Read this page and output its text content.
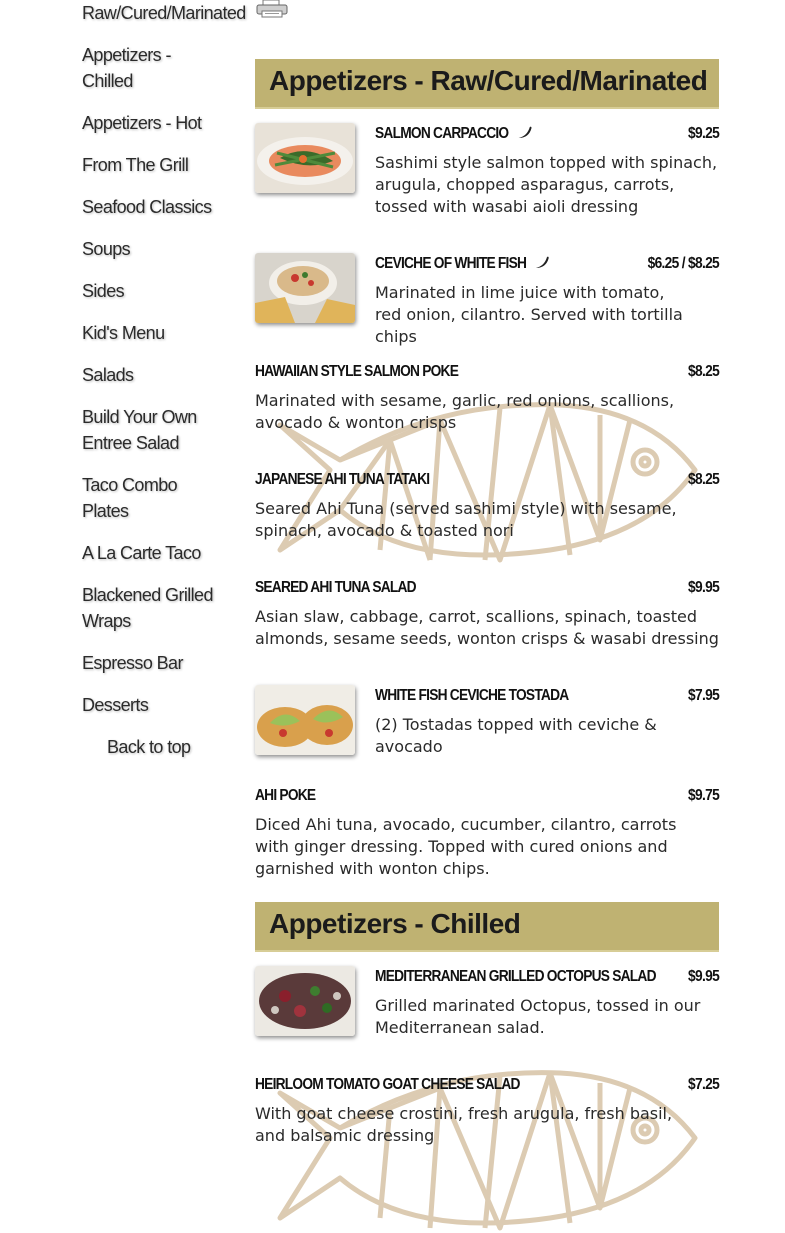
Raw/Cured/Marinated
Appetizers -
Chilled
Appetizers - Hot
From The Grill
Seafood Classics
Soups
Sides
Kid's Menu
Salads
Build Your Own
Entree Salad
Taco Combo
Plates
A La Carte Taco
Blackened Grilled
Wraps
Espresso Bar
Desserts
Back to top
Appetizers - Raw/Cured/Marinated
SALMON CARPACCIO	$9.25
Sashimi style salmon topped with spinach, arugula, chopped asparagus, carrots, tossed with wasabi aioli dressing
CEVICHE OF WHITE FISH	$6.25 / $8.25
Marinated in lime juice with tomato, red onion, cilantro. Served with tortilla chips
HAWAIIAN STYLE SALMON POKE	$8.25
Marinated with sesame, garlic, red onions, scallions, avocado & wonton crisps
JAPANESE AHI TUNA TATAKI	$8.25
Seared Ahi Tuna (served sashimi style) with sesame, spinach, avocado & toasted nori
SEARED AHI TUNA SALAD	$9.95
Asian slaw, cabbage, carrot, scallions, spinach, toasted almonds, sesame seeds, wonton crisps & wasabi dressing
WHITE FISH CEVICHE TOSTADA	$7.95
(2) Tostadas topped with ceviche & avocado
AHI POKE	$9.75
Diced Ahi tuna, avocado, cucumber, cilantro, carrots with ginger dressing. Topped with cured onions and garnished with wonton chips.
Appetizers - Chilled
MEDITERRANEAN GRILLED OCTOPUS SALAD $9.95
Grilled marinated Octopus, tossed in our Mediterranean salad.
HEIRLOOM TOMATO GOAT CHEESE SALAD	$7.25
With goat cheese crostini, fresh arugula, fresh basil, and balsamic dressing
